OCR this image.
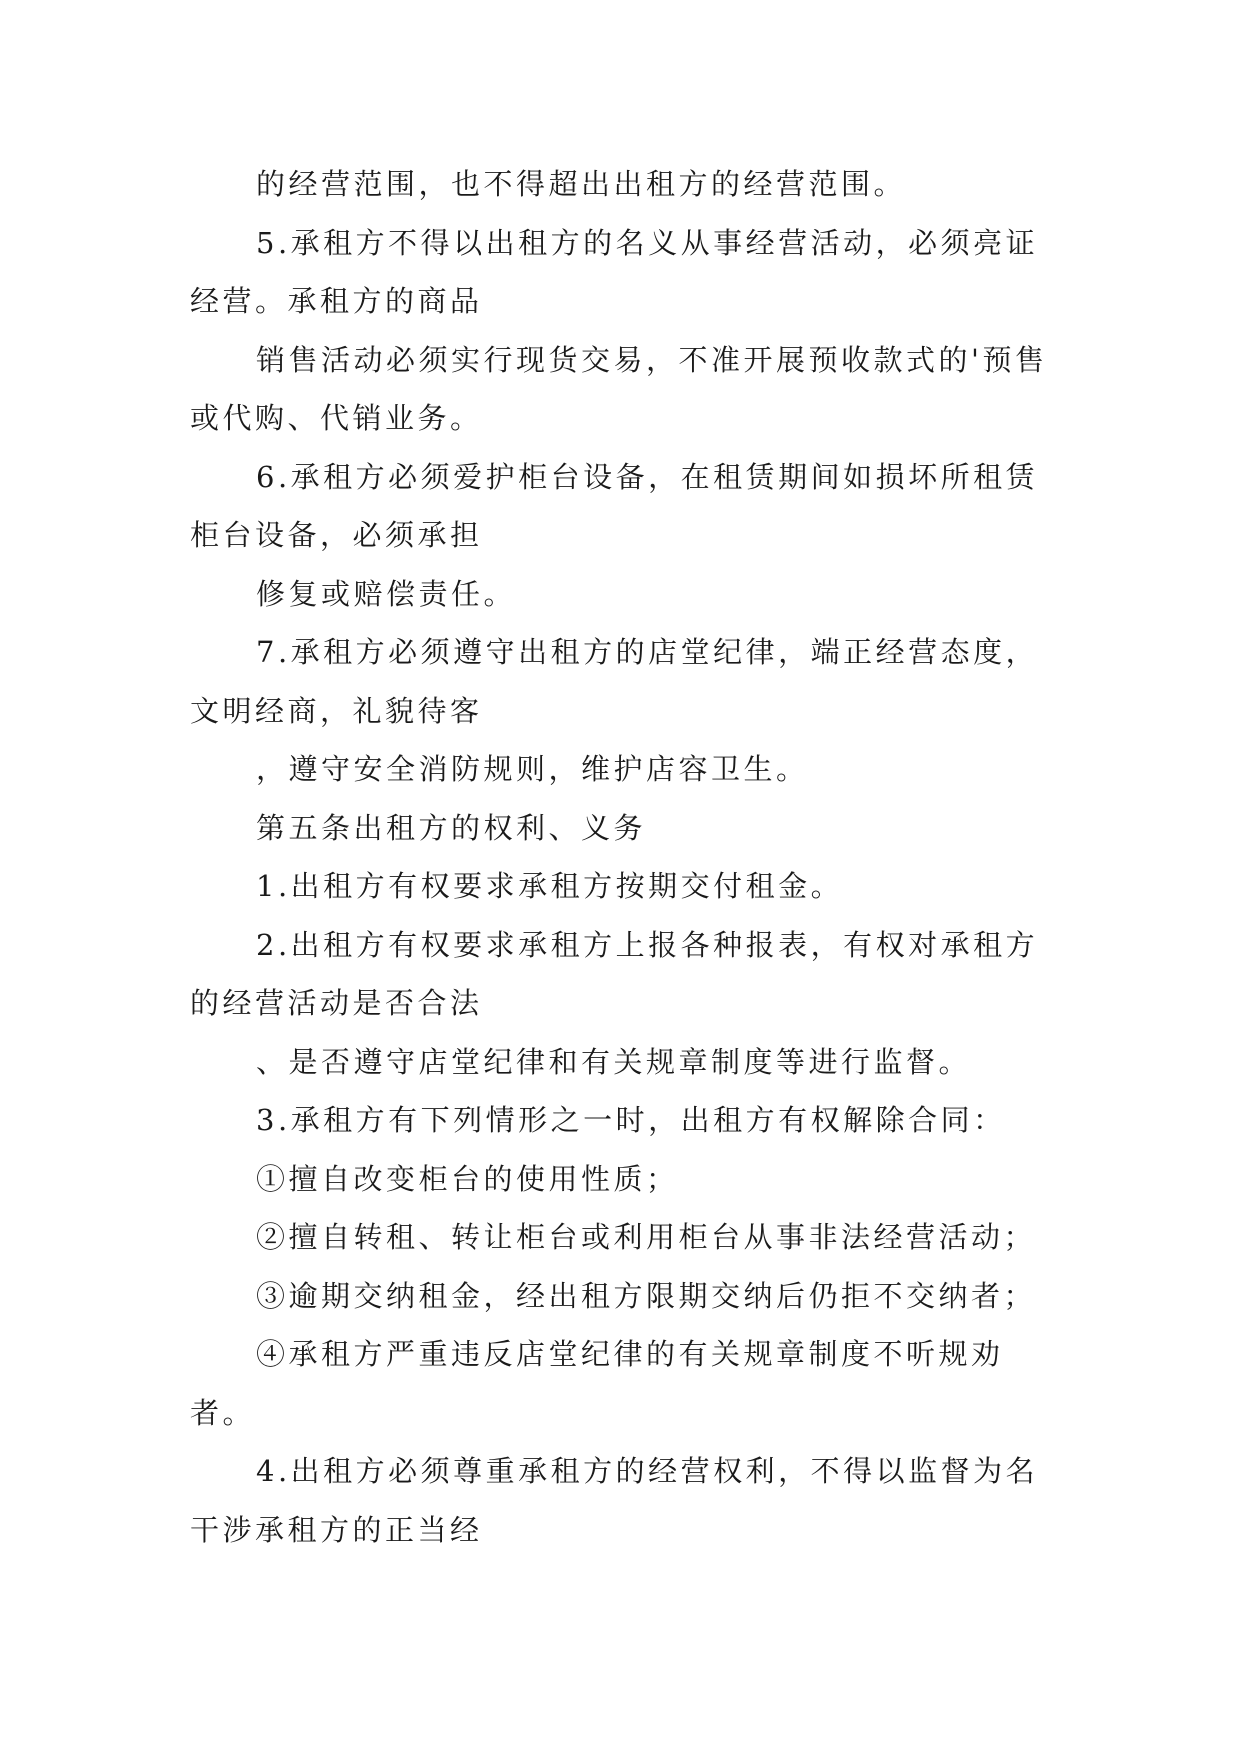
的经营范围，也不得超出出租方的经营范围。

5.承租方不得以出租方的名义从事经营活动，必须亮证经营。承租方的商品

销售活动必须实行现货交易，不准开展预收款式的'预售或代购、代销业务。

6.承租方必须爱护柜台设备，在租赁期间如损坏所租赁柜台设备，必须承担

修复或赔偿责任。

7.承租方必须遵守出租方的店堂纪律，端正经营态度，文明经商，礼貌待客

，遵守安全消防规则，维护店容卫生。

第五条出租方的权利、义务

1.出租方有权要求承租方按期交付租金。

2.出租方有权要求承租方上报各种报表，有权对承租方的经营活动是否合法

、是否遵守店堂纪律和有关规章制度等进行监督。

3.承租方有下列情形之一时，出租方有权解除合同：

①擅自改变柜台的使用性质；

②擅自转租、转让柜台或利用柜台从事非法经营活动；

③逾期交纳租金，经出租方限期交纳后仍拒不交纳者；

④承租方严重违反店堂纪律的有关规章制度不听规劝者。

4.出租方必须尊重承租方的经营权利，不得以监督为名干涉承租方的正当经
